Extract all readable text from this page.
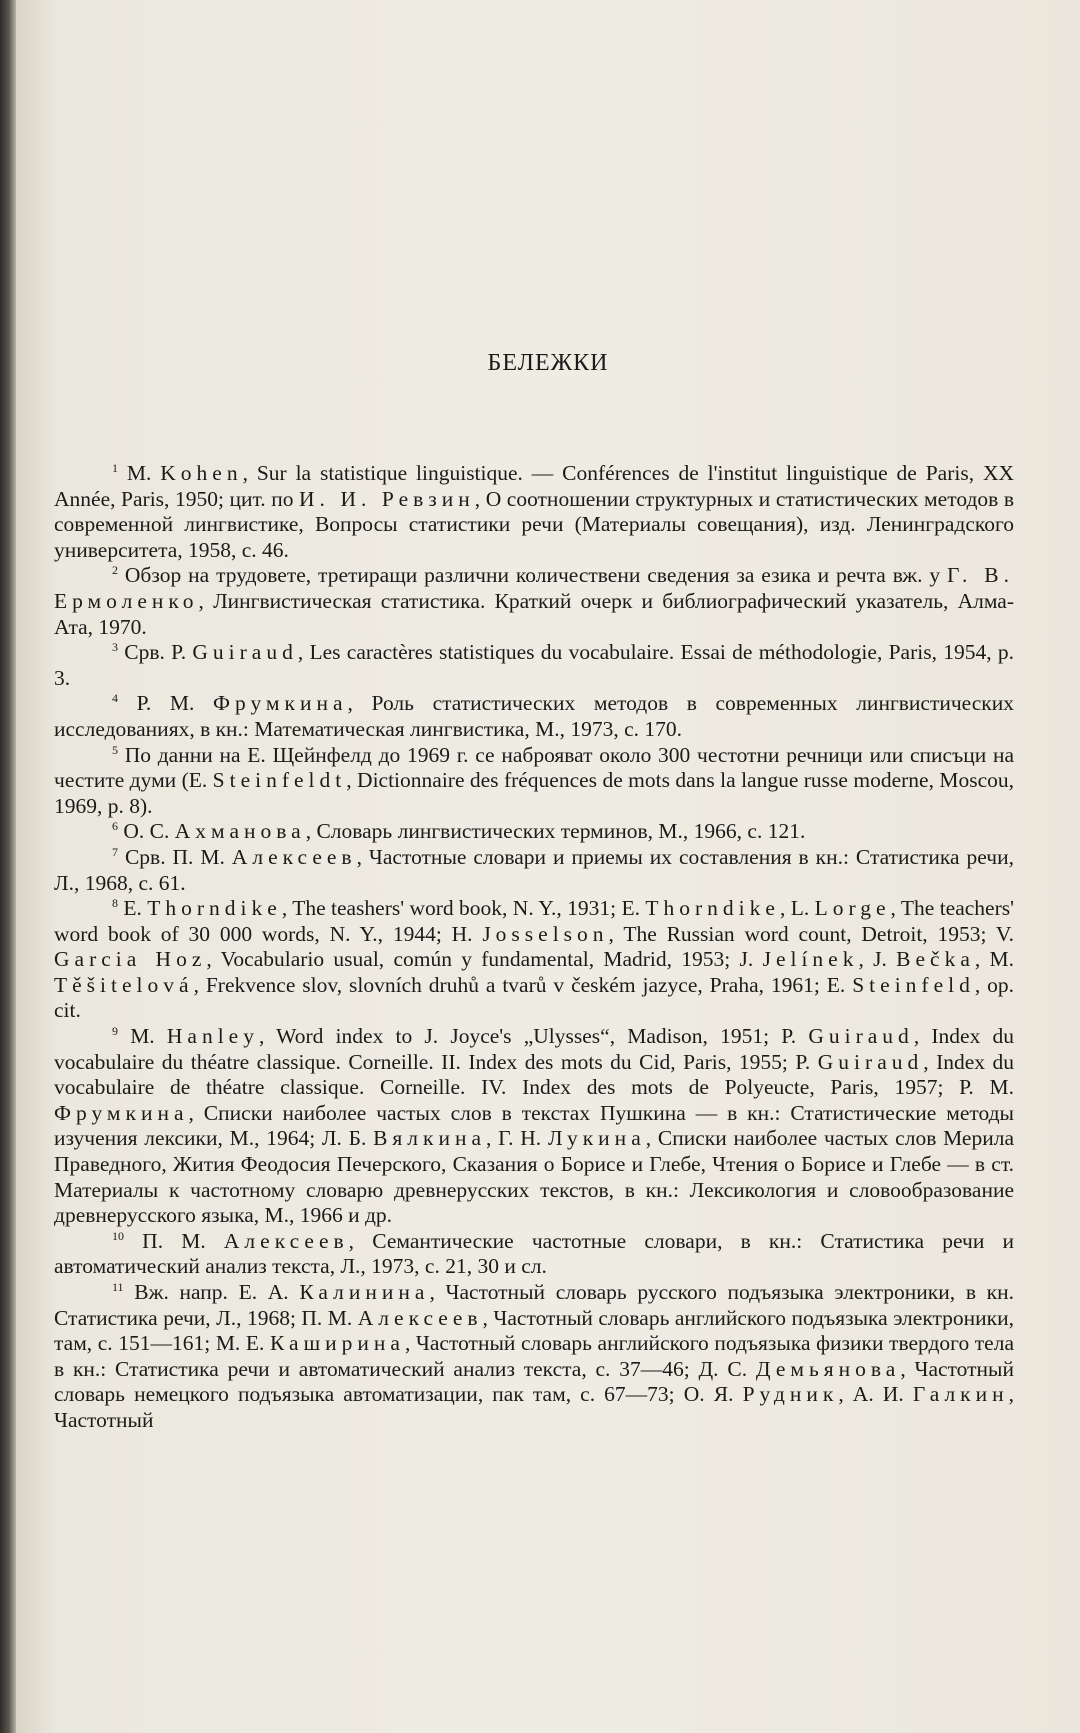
БЕЛЕЖКИ

$^1$ M. Kohen, Sur la statistique linguistique. — Conférences de l'institut linguistique de Paris, XX Année, Paris, 1950; цит. по И. И. Ревзин, О соотношении структурных и статистических методов в современной лингвистике, Вопросы статистики речи (Материалы совещания), изд. Ленинградского университета, 1958, с. 46.

$^2$ Обзор на трудовете, третиращи различни количествени сведения за езика и речта вж. у Г. В. Ермоленко, Лингвистическая статистика. Краткий очерк и библиографический указатель, Алма-Ата, 1970.

$^3$ Срв. P. Guiraud, Les caractères statistiques du vocabulaire. Essai de méthodologie, Paris, 1954, p. 3.

$^4$ Р. М. Фрумкина, Роль статистических методов в современных лингвистических исследованиях, в кн.: Математическая лингвистика, М., 1973, с. 170.

$^5$ По данни на Е. Щейнфелд до 1969 г. се наброяват около 300 честотни речници или списъци на честите думи (E. Steinfeldt, Dictionnaire des fréquences de mots dans la langue russe moderne, Moscou, 1969, p. 8).

$^6$ О. С. Ахманова, Словарь лингвистических терминов, М., 1966, с. 121.

$^7$ Срв. П. М. Алексеев, Частотные словари и приемы их составления в кн.: Статистика речи, Л., 1968, с. 61.

$^8$ E. Thorndike, The teashers' word book, N. Y., 1931; E. Thorndike, L. Lorge, The teachers' word book of 30 000 words, N. Y., 1944; H. Josselson, The Russian word count, Detroit, 1953; V. Garcia Hoz, Vocabulario usual, común y fundamental, Madrid, 1953; J. Jelínek, J. Bečka, M. Těšitelová, Frekvence slov, slovních druhů a tvarů v českém jazyce, Praha, 1961; E. Steinfeld, op. cit.

$^9$ M. Hanley, Word index to J. Joyce's „Ulysses“, Madison, 1951; P. Guiraud, Index du vocabulaire du théatre classique. Corneille. II. Index des mots du Cid, Paris, 1955; P. Guiraud, Index du vocabulaire de théatre classique. Corneille. IV. Index des mots de Polyeucte, Paris, 1957; Р. М. Фрумкина, Списки наиболее частых слов в текстах Пушкина — в кн.: Статистические методы изучения лексики, М., 1964; Л. Б. Вялкина, Г. Н. Лукина, Списки наиболее частых слов Мерила Праведного, Жития Феодосия Печерского, Сказания о Борисе и Глебе, Чтения о Борисе и Глебе — в ст. Материалы к частотному словарю древнерусских текстов, в кн.: Лексикология и словообразование древнерусского языка, М., 1966 и др.

$^{10}$ П. М. Алексеев, Семантические частотные словари, в кн.: Статистика речи и автоматический анализ текста, Л., 1973, с. 21, 30 и сл.

$^{11}$ Вж. напр. Е. А. Калинина, Частотный словарь русского подъязыка электроники, в кн. Статистика речи, Л., 1968; П. М. Алексеев, Частотный словарь английского подъязыка электроники, там, с. 151—161; М. Е. Каширина, Частотный словарь английского подъязыка физики твердого тела в кн.: Статистика речи и автоматический анализ текста, с. 37—46; Д. С. Демьянова, Частотный словарь немецкого подъязыка автоматизации, пак там, с. 67—73; О. Я. Рудник, А. И. Галкин, Частотный
